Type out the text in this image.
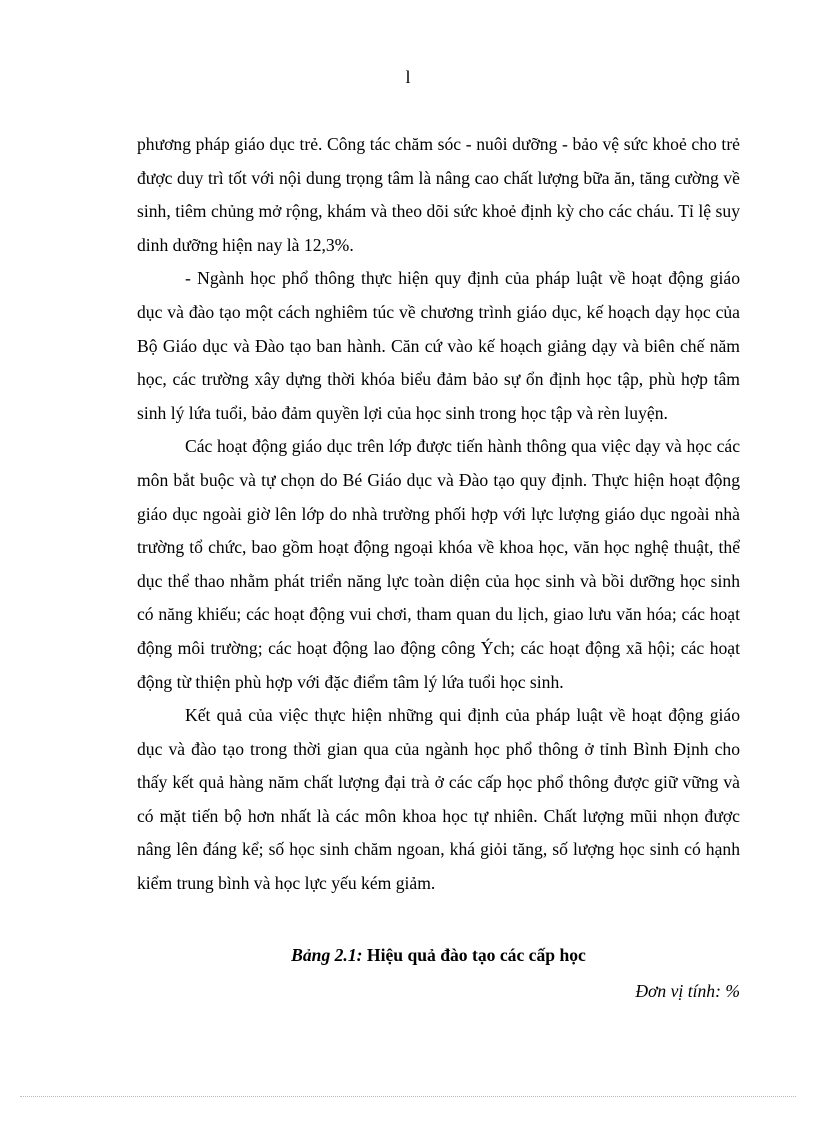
l

phương pháp giáo dục trẻ. Công tác chăm sóc - nuôi dưỡng - bảo vệ sức khoẻ cho trẻ được duy trì tốt với nội dung trọng tâm là nâng cao chất lượng bữa ăn, tăng cường về sinh, tiêm chủng mở rộng, khám và theo dõi sức khoẻ định kỳ cho các cháu. Tỉ lệ suy dinh dưỡng hiện nay là 12,3%.

- Ngành học phổ thông thực hiện quy định của pháp luật về hoạt động giáo dục và đào tạo một cách nghiêm túc về chương trình giáo dục, kế hoạch dạy học của Bộ Giáo dục và Đào tạo ban hành. Căn cứ vào kế hoạch giảng dạy và biên chế năm học, các trường xây dựng thời khóa biểu đảm bảo sự ổn định học tập, phù hợp tâm sinh lý lứa tuổi, bảo đảm quyền lợi của học sinh trong học tập và rèn luyện.

Các hoạt động giáo dục trên lớp được tiến hành thông qua việc dạy và học các môn bắt buộc và tự chọn do Bé Giáo dục và Đào tạo quy định. Thực hiện hoạt động giáo dục ngoài giờ lên lớp do nhà trường phối hợp với lực lượng giáo dục ngoài nhà trường tổ chức, bao gồm hoạt động ngoại khóa về khoa học, văn học nghệ thuật, thể dục thể thao nhằm phát triển năng lực toàn diện của học sinh và bồi dưỡng học sinh có năng khiếu; các hoạt động vui chơi, tham quan du lịch, giao lưu văn hóa; các hoạt động môi trường; các hoạt động lao động công Ých; các hoạt động xã hội; các hoạt động từ thiện phù hợp với đặc điểm tâm lý lứa tuổi học sinh.

Kết quả của việc thực hiện những qui định của pháp luật về hoạt động giáo dục và đào tạo trong thời gian qua của ngành học phổ thông ở tỉnh Bình Định cho thấy kết quả hàng năm chất lượng đại trà ở các cấp học phổ thông được giữ vững và có mặt tiến bộ hơn nhất là các môn khoa học tự nhiên. Chất lượng mũi nhọn được nâng lên đáng kể; số học sinh chăm ngoan, khá giỏi tăng, số lượng học sinh có hạnh kiểm trung bình và học lực yếu kém giảm.

Bảng 2.1: Hiệu quả đào tạo các cấp học
Đơn vị tính: %
